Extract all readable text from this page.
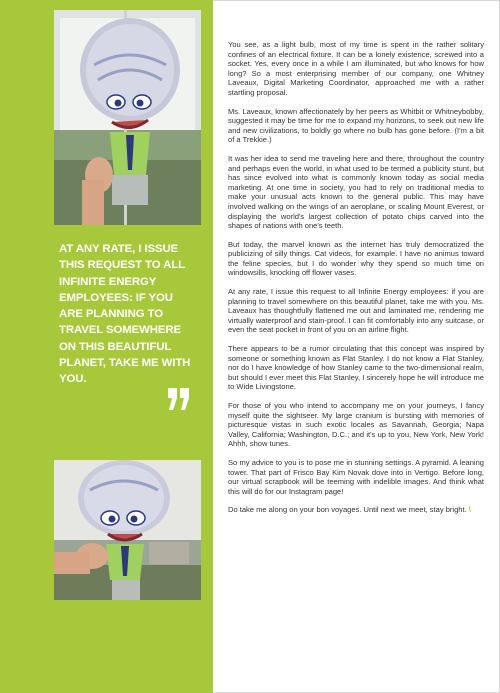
AT ANY RATE, I ISSUE THIS REQUEST TO ALL INFINITE ENERGY EMPLOYEES: IF YOU ARE PLANNING TO TRAVEL SOMEWHERE ON THIS BEAUTIFUL PLANET, TAKE ME WITH YOU.

You see, as a light bulb, most of my time is spent in the rather solitary confines of an electrical fixture. It can be a lonely existence, screwed into a socket. Yes, every once in a while I am illuminated, but who knows for how long? So a most enterprising member of our company, one Whitney Laveaux, Digital Marketing Coordinator, approached me with a rather startling proposal.

Ms. Laveaux, known affectionately by her peers as Whitbit or Whitneybobby, suggested it may be time for me to expand my horizons, to seek out new life and new civilizations, to boldly go where no bulb has gone before. (I'm a bit of a Trekkie.)

It was her idea to send me traveling here and there, throughout the country and perhaps even the world, in what used to be termed a publicity stunt, but has since evolved into what is commonly known today as social media marketing. At one time in society, you had to rely on traditional media to make your unusual acts known to the general public. This may have involved walking on the wings of an aeroplane, or scaling Mount Everest, or displaying the world's largest collection of potato chips carved into the shapes of nations with one's teeth.

But today, the marvel known as the internet has truly democratized the publicizing of silly things. Cat videos, for example. I have no animus toward the feline species, but I do wonder why they spend so much time on windowsills, knocking off flower vases.

At any rate, I issue this request to all Infinite Energy employees: if you are planning to travel somewhere on this beautiful planet, take me with you. Ms. Laveaux has thoughtfully flattened me out and laminated me, rendering me virtually waterproof and stain-proof. I can fit comfortably into any suitcase, or even the seat pocket in front of you on an airline flight.

There appears to be a rumor circulating that this concept was inspired by someone or something known as Flat Stanley. I do not know a Flat Stanley, nor do I have knowledge of how Stanley came to the two-dimensional realm, but should I ever meet this Flat Stanley, I sincerely hope he will introduce me to Wide Livingstone.

For those of you who intend to accompany me on your journeys, I fancy myself quite the sightseer. My large cranium is bursting with memories of picturesque vistas in such exotic locales as Savannah, Georgia; Napa Valley, California; Washington, D.C.; and it's up to you, New York, New York! Ahhh, show tunes.

So my advice to you is to pose me in stunning settings. A pyramid. A leaning tower. That part of Frisco Bay Kim Novak dove into in Vertigo. Before long, our virtual scrapbook will be teeming with indelible images. And think what this will do for our Instagram page!

Do take me along on your bon voyages. Until next we meet, stay bright. \
